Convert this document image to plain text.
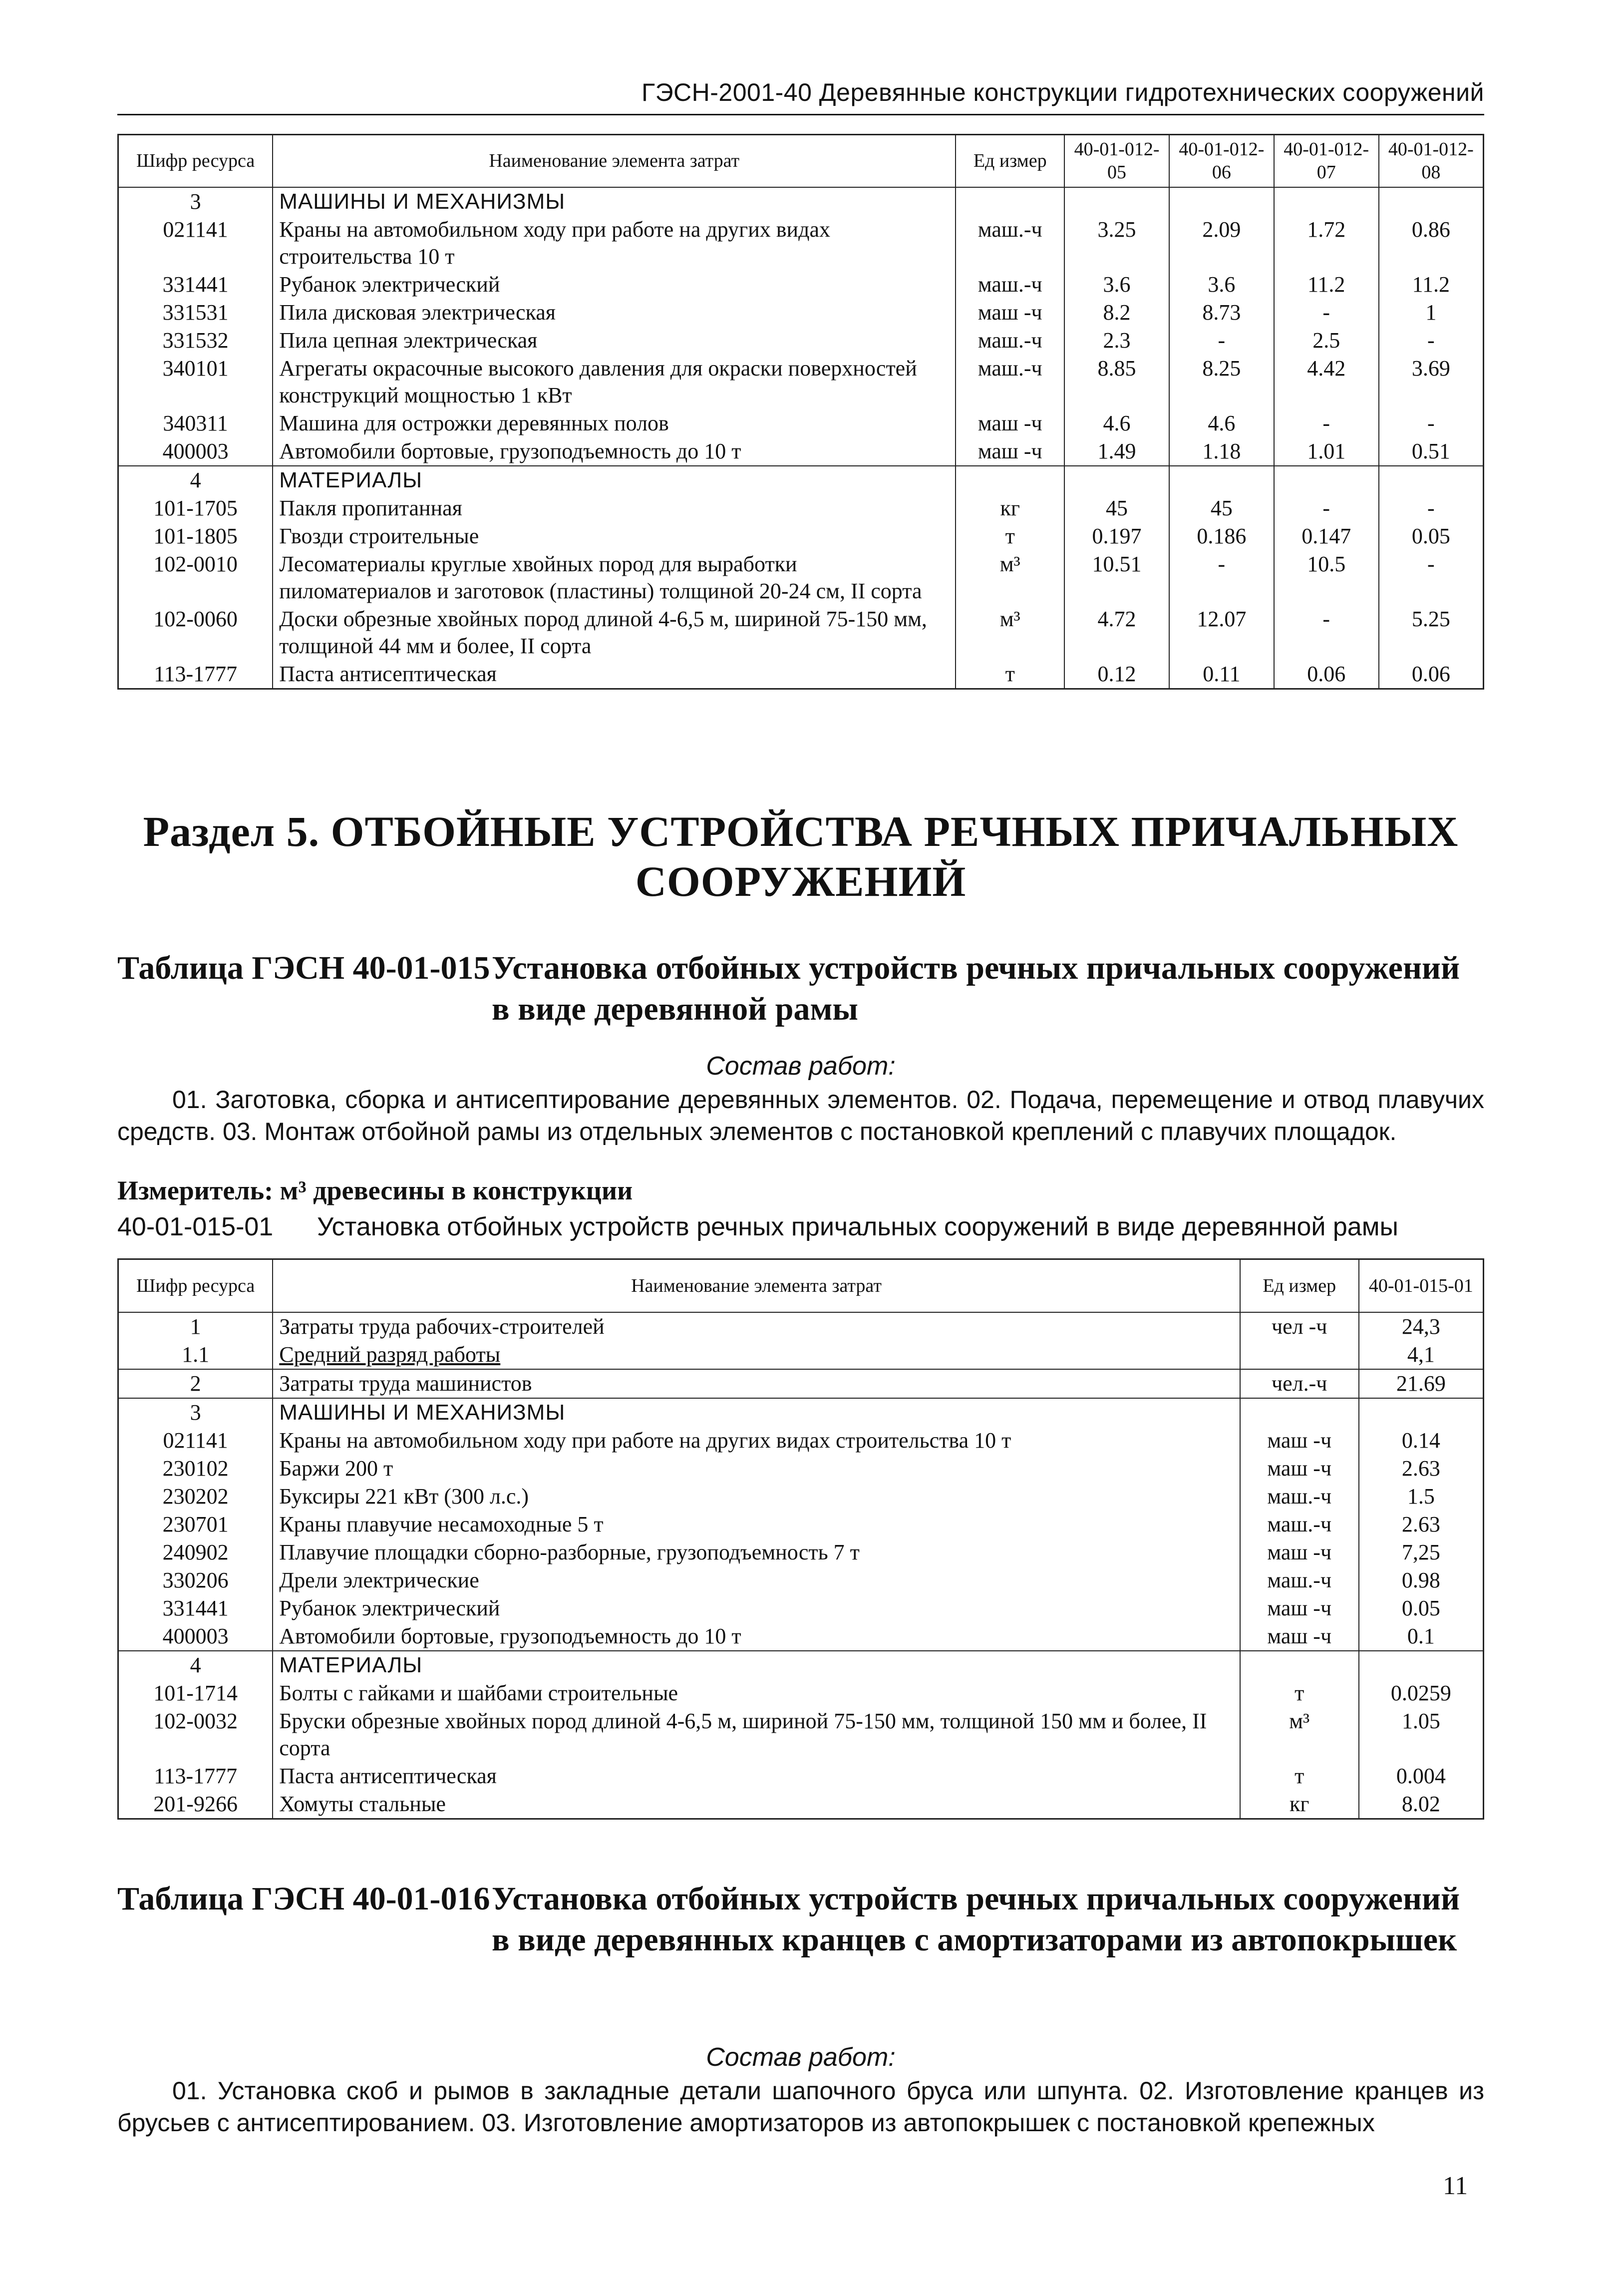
ГЭСН-2001-40 Деревянные конструкции гидротехнических сооружений
Шифр ресурса	Наименование элемента затрат	Ед измер	40-01-012-05	40-01-012-06	40-01-012-07	40-01-012-08
3	МАШИНЫ И МЕХАНИЗМЫ					
021141	Краны на автомобильном ходу при работе на других видах строительства 10 т	маш.-ч	3.25	2.09	1.72	0.86
331441	Рубанок электрический	маш.-ч	3.6	3.6	11.2	11.2
331531	Пила дисковая электрическая	маш -ч	8.2	8.73	-	1
331532	Пила цепная электрическая	маш.-ч	2.3	-	2.5	-
340101	Агрегаты окрасочные высокого давления для окраски поверхностей конструкций мощностью 1 кВт	маш.-ч	8.85	8.25	4.42	3.69
340311	Машина для острожки деревянных полов	маш -ч	4.6	4.6	-	-
400003	Автомобили бортовые, грузоподъемность до 10 т	маш -ч	1.49	1.18	1.01	0.51
4	МАТЕРИАЛЫ					
101-1705	Пакля пропитанная	кг	45	45	-	-
101-1805	Гвозди строительные	т	0.197	0.186	0.147	0.05
102-0010	Лесоматериалы круглые хвойных пород для выработки пиломатериалов и заготовок (пластины) толщиной 20-24 см, II сорта	м³	10.51	-	10.5	-
102-0060	Доски обрезные хвойных пород длиной 4-6,5 м, шириной 75-150 мм, толщиной 44 мм и более, II сорта	м³	4.72	12.07	-	5.25
113-1777	Паста антисептическая	т	0.12	0.11	0.06	0.06
Раздел 5. ОТБОЙНЫЕ УСТРОЙСТВА РЕЧНЫХ ПРИЧАЛЬНЫХ СООРУЖЕНИЙ
Таблица ГЭСН 40-01-015 Установка отбойных устройств речных причальных сооружений в виде деревянной рамы
Состав работ:
01. Заготовка, сборка и антисептирование деревянных элементов. 02. Подача, перемещение и отвод плавучих средств. 03. Монтаж отбойной рамы из отдельных элементов с постановкой креплений с плавучих площадок.
Измеритель: м³ древесины в конструкции
40-01-015-01 Установка отбойных устройств речных причальных сооружений в виде деревянной рамы
Шифр ресурса	Наименование элемента затрат	Ед измер	40-01-015-01
1	Затраты труда рабочих-строителей	чел -ч	24,3
1.1	Средний разряд работы		4,1
2	Затраты труда машинистов	чел.-ч	21.69
3	МАШИНЫ И МЕХАНИЗМЫ		
021141	Краны на автомобильном ходу при работе на других видах строительства 10 т	маш -ч	0.14
230102	Баржи 200 т	маш -ч	2.63
230202	Буксиры 221 кВт (300 л.с.)	маш.-ч	1.5
230701	Краны плавучие несамоходные 5 т	маш.-ч	2.63
240902	Плавучие площадки сборно-разборные, грузоподъемность 7 т	маш -ч	7,25
330206	Дрели электрические	маш.-ч	0.98
331441	Рубанок электрический	маш -ч	0.05
400003	Автомобили бортовые, грузоподъемность до 10 т	маш -ч	0.1
4	МАТЕРИАЛЫ		
101-1714	Болты с гайками и шайбами строительные	т	0.0259
102-0032	Бруски обрезные хвойных пород длиной 4-6,5 м, шириной 75-150 мм, толщиной 150 мм и более, II сорта	м³	1.05
113-1777	Паста антисептическая	т	0.004
201-9266	Хомуты стальные	кг	8.02
Таблица ГЭСН 40-01-016 Установка отбойных устройств речных причальных сооружений в виде деревянных кранцев с амортизаторами из автопокрышек
Состав работ:
01. Установка скоб и рымов в закладные детали шапочного бруса или шпунта. 02. Изготовление кранцев из брусьев с антисептированием. 03. Изготовление амортизаторов из автопокрышек с постановкой крепежных
11
